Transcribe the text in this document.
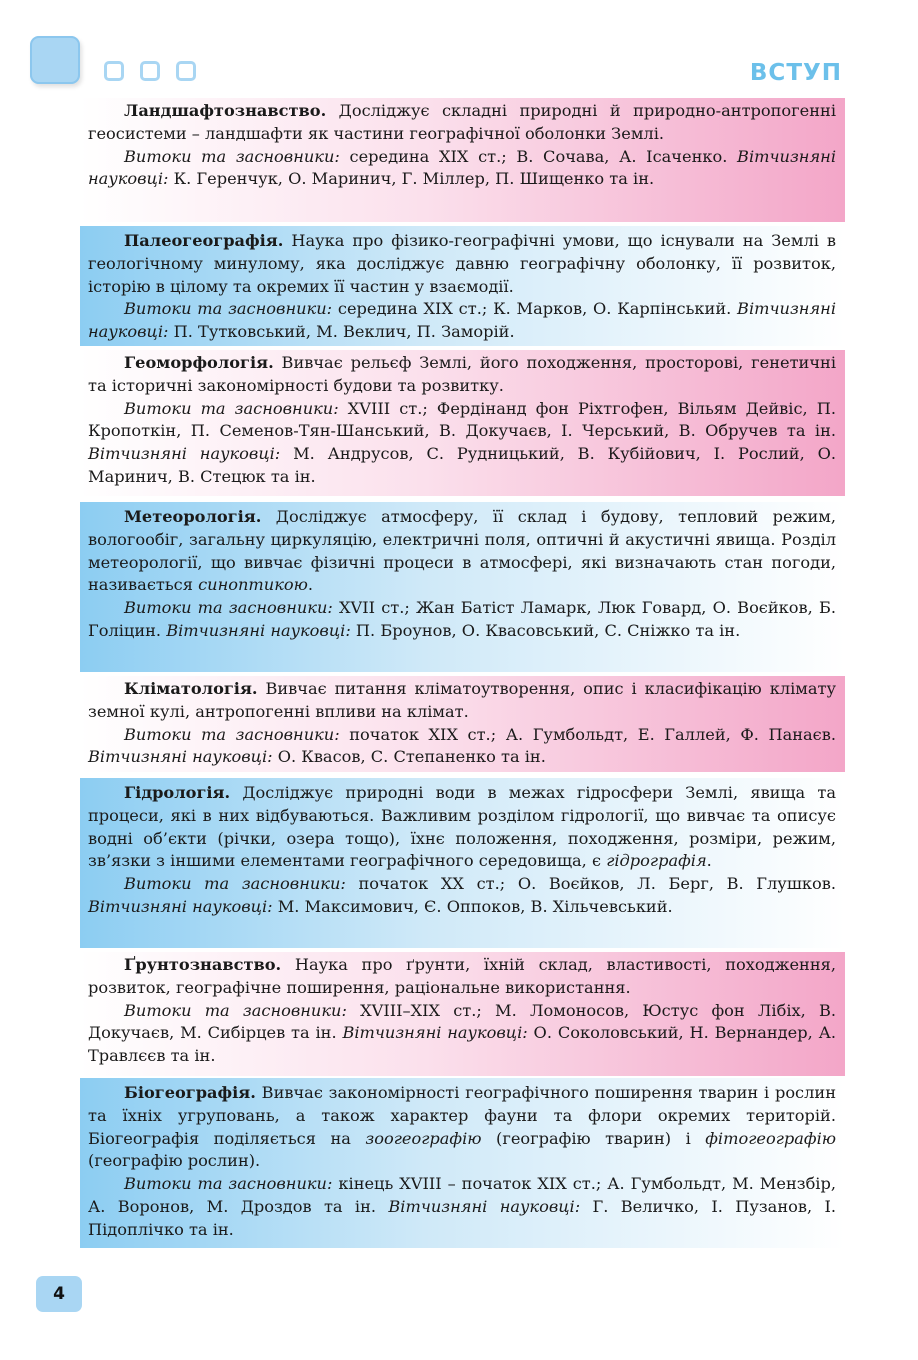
ВСТУП

Ландшафтознавство. Досліджує складні природні й природно-антропогенні геосистеми – ландшафти як частини географічної оболонки Землі.

Витоки та засновники: середина XIX ст.; В. Сочава, А. Ісаченко. Вітчизняні науковці: К. Геренчук, О. Маринич, Г. Міллер, П. Шищенко та ін.

Палеогеографія. Наука про фізико-географічні умови, що існували на Землі в геологічному минулому, яка досліджує давню географічну оболонку, її розвиток, історію в цілому та окремих її частин у взаємодії.

Витоки та засновники: середина XIX ст.; К. Марков, О. Карпінський. Вітчизняні науковці: П. Тутковський, М. Веклич, П. Заморій.

Геоморфологія. Вивчає рельєф Землі, його походження, просторові, генетичні та історичні закономірності будови та розвитку.

Витоки та засновники: XVIII ст.; Фердінанд фон Ріхтгофен, Вільям Дейвіс, П. Кропоткін, П. Семенов-Тян-Шанський, В. Докучаєв, І. Черський, В. Обручев та ін. Вітчизняні науковці: М. Андрусов, С. Рудницький, В. Кубійович, І. Рослий, О. Маринич, В. Стецюк та ін.

Метеорологія. Досліджує атмосферу, її склад і будову, тепловий режим, вологообіг, загальну циркуляцію, електричні поля, оптичні й акустичні явища. Розділ метеорології, що вивчає фізичні процеси в атмосфері, які визначають стан погоди, називається синоптикою.

Витоки та засновники: XVII ст.; Жан Батіст Ламарк, Люк Говард, О. Воєйков, Б. Голіцин. Вітчизняні науковці: П. Броунов, О. Квасовський, С. Сніжко та ін.

Кліматологія. Вивчає питання кліматоутворення, опис і класифікацію клімату земної кулі, антропогенні впливи на клімат.

Витоки та засновники: початок XIX ст.; А. Гумбольдт, Е. Галлей, Ф. Панаєв. Вітчизняні науковці: О. Квасов, С. Степаненко та ін.

Гідрологія. Досліджує природні води в межах гідросфери Землі, явища та процеси, які в них відбуваються. Важливим розділом гідрології, що вивчає та описує водні об’єкти (річки, озера тощо), їхнє положення, походження, розміри, режим, зв’язки з іншими елементами географічного середовища, є гідрографія.

Витоки та засновники: початок XX ст.; О. Воєйков, Л. Берг, В. Глушков. Вітчизняні науковці: М. Максимович, Є. Оппоков, В. Хільчевський.

Ґрунтознавство. Наука про ґрунти, їхній склад, властивості, походження, розвиток, географічне поширення, раціональне використання.

Витоки та засновники: XVIII–XIX ст.; М. Ломоносов, Юстус фон Лібіх, В. Докучаєв, М. Сибірцев та ін. Вітчизняні науковці: О. Соколовський, Н. Вернандер, А. Травлєєв та ін.

Біогеографія. Вивчає закономірності географічного поширення тварин і рослин та їхніх угруповань, а також характер фауни та флори окремих територій. Біогеографія поділяється на зоогеографію (географію тварин) і фітогеографію (географію рослин).

Витоки та засновники: кінець XVIII – початок XIX ст.; А. Гумбольдт, М. Мензбір, А. Воронов, М. Дроздов та ін. Вітчизняні науковці: Г. Величко, І. Пузанов, І. Підоплічко та ін.

4
